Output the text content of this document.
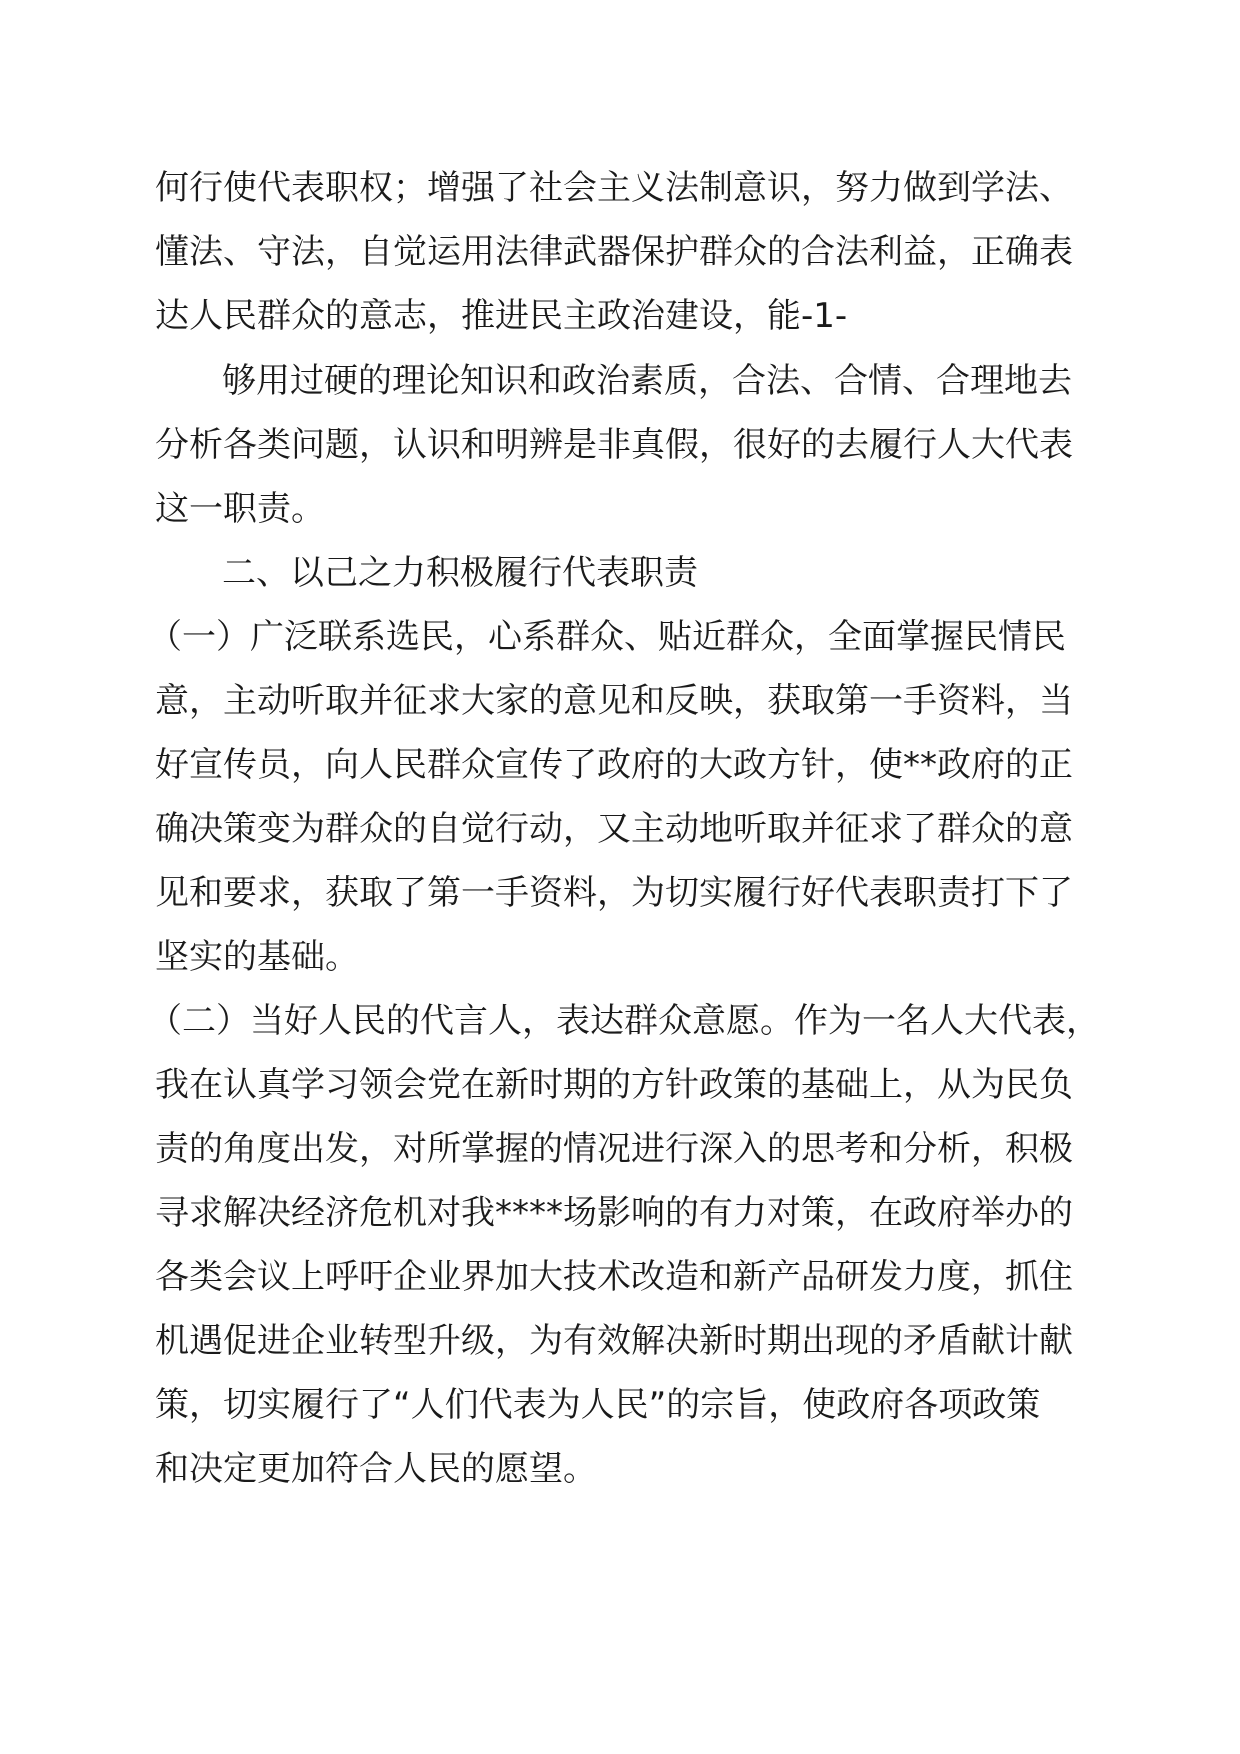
何行使代表职权；增强了社会主义法制意识，努力做到学法、
懂法、守法，自觉运用法律武器保护群众的合法利益，正确表
达人民群众的意志，推进民主政治建设，能-1-
够用过硬的理论知识和政治素质，合法、合情、合理地去
分析各类问题，认识和明辨是非真假，很好的去履行人大代表
这一职责。
二、以己之力积极履行代表职责
（一）广泛联系选民，心系群众、贴近群众，全面掌握民情民
意，主动听取并征求大家的意见和反映，获取第一手资料，当
好宣传员，向人民群众宣传了政府的大政方针，使**政府的正
确决策变为群众的自觉行动，又主动地听取并征求了群众的意
见和要求，获取了第一手资料，为切实履行好代表职责打下了
坚实的基础。
（二）当好人民的代言人，表达群众意愿。作为一名人大代表，
我在认真学习领会党在新时期的方针政策的基础上，从为民负
责的角度出发，对所掌握的情况进行深入的思考和分析，积极
寻求解决经济危机对我****场影响的有力对策，在政府举办的
各类会议上呼吁企业界加大技术改造和新产品研发力度，抓住
机遇促进企业转型升级，为有效解决新时期出现的矛盾献计献
策，切实履行了“人们代表为人民”的宗旨，使政府各项政策
和决定更加符合人民的愿望。
